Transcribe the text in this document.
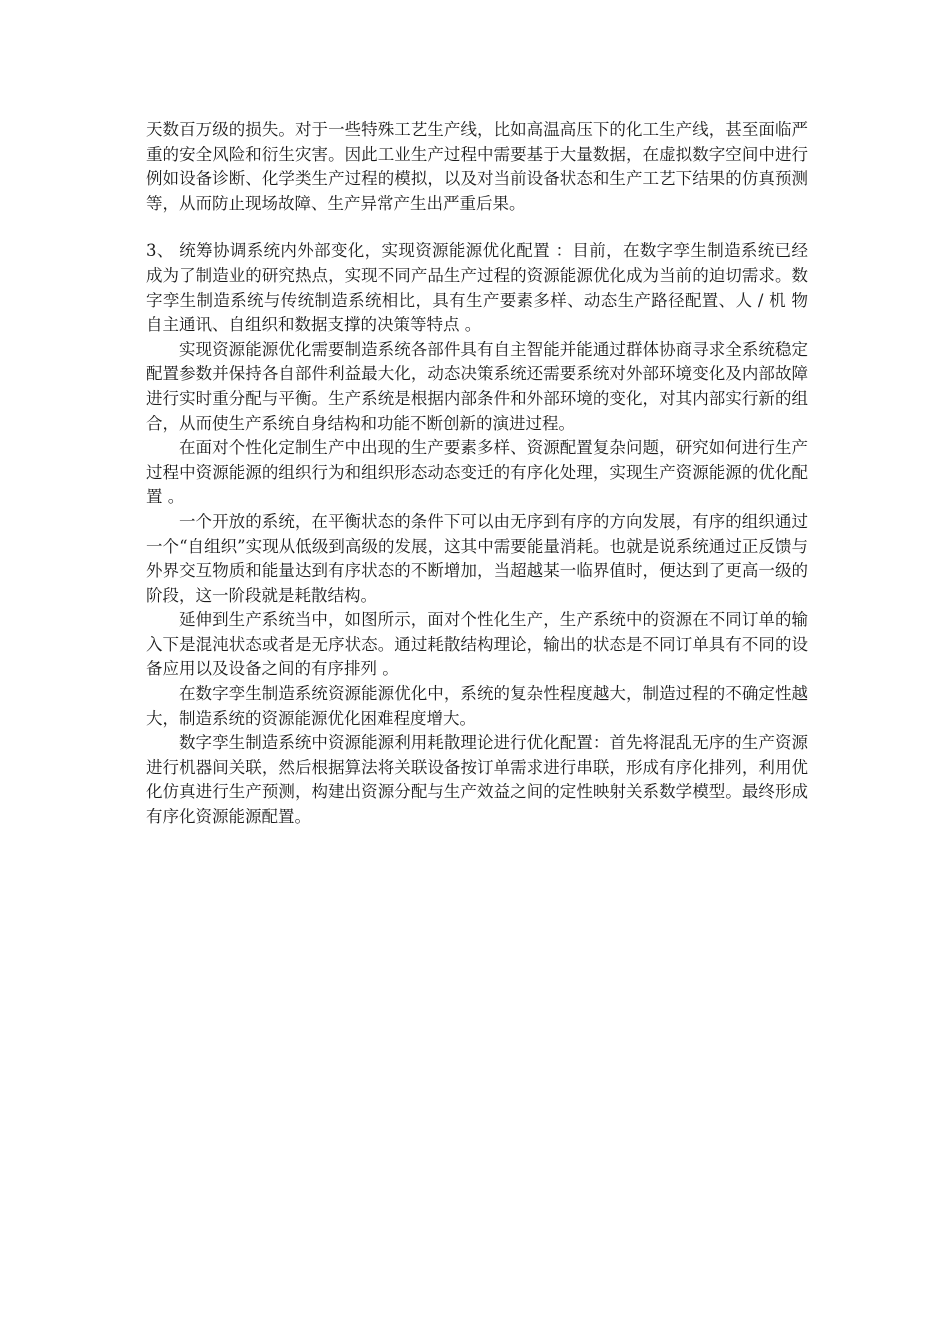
天数百万级的损失。对于一些特殊工艺生产线，比如高温高压下的化工生产线，甚至面临严重的安全风险和衍生灾害。因此工业生产过程中需要基于大量数据，在虚拟数字空间中进行例如设备诊断、化学类生产过程的模拟，以及对当前设备状态和生产工艺下结果的仿真预测等，从而防止现场故障、生产异常产生出严重后果。

3、 统筹协调系统内外部变化，实现资源能源优化配置 ：目前，在数字孪生制造系统已经成为了制造业的研究热点，实现不同产品生产过程的资源能源优化成为当前的迫切需求。数字孪生制造系统与传统制造系统相比，具有生产要素多样、动态生产路径配置、人 / 机 物自主通讯、自组织和数据支撑的决策等特点 。

实现资源能源优化需要制造系统各部件具有自主智能并能通过群体协商寻求全系统稳定配置参数并保持各自部件利益最大化，动态决策系统还需要系统对外部环境变化及内部故障进行实时重分配与平衡。生产系统是根据内部条件和外部环境的变化，对其内部实行新的组合，从而使生产系统自身结构和功能不断创新的演进过程。

在面对个性化定制生产中出现的生产要素多样、资源配置复杂问题，研究如何进行生产过程中资源能源的组织行为和组织形态动态变迁的有序化处理，实现生产资源能源的优化配置 。

一个开放的系统，在平衡状态的条件下可以由无序到有序的方向发展，有序的组织通过一个“自组织”实现从低级到高级的发展，这其中需要能量消耗。也就是说系统通过正反馈与外界交互物质和能量达到有序状态的不断增加，当超越某一临界值时，便达到了更高一级的阶段，这一阶段就是耗散结构。

延伸到生产系统当中，如图所示，面对个性化生产，生产系统中的资源在不同订单的输入下是混沌状态或者是无序状态。通过耗散结构理论，输出的状态是不同订单具有不同的设备应用以及设备之间的有序排列 。

在数字孪生制造系统资源能源优化中，系统的复杂性程度越大，制造过程的不确定性越大，制造系统的资源能源优化困难程度增大。

数字孪生制造系统中资源能源利用耗散理论进行优化配置：首先将混乱无序的生产资源进行机器间关联，然后根据算法将关联设备按订单需求进行串联，形成有序化排列，利用优化仿真进行生产预测，构建出资源分配与生产效益之间的定性映射关系数学模型。最终形成有序化资源能源配置。
